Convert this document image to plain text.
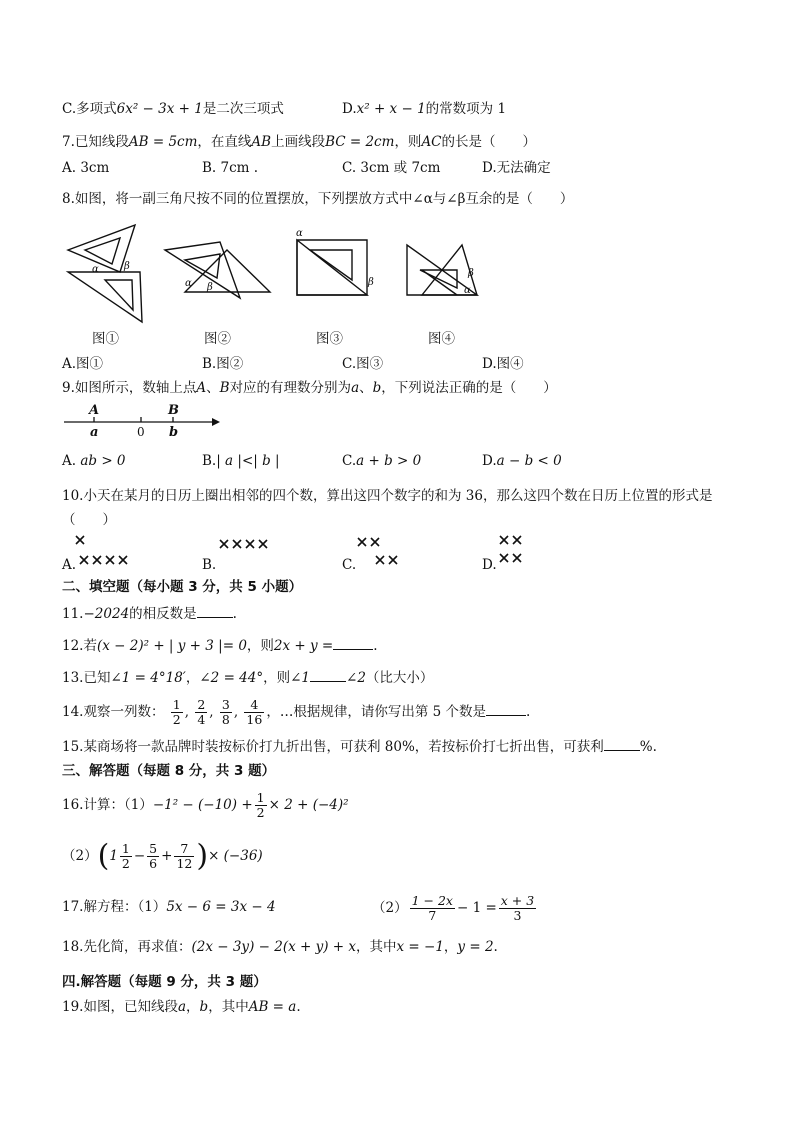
C.多项式6x² − 3x + 1是二次三项式	D.x² + x − 1的常数项为 1
7.已知线段AB = 5cm，在直线AB上画线段BC = 2cm，则AC的长是（　　）
A. 3cm	B. 7cm .	C. 3cm 或 7cm	D.无法确定
8.如图，将一副三角尺按不同的位置摆放，下列摆放方式中∠α与∠β互余的是（　　）
α	β
α β
α
β
β
α
图①	图②	图③	图④
A.图①	B.图②	C.图③	D.图④
9.如图所示，数轴上点A、B对应的有理数分别为a、b，下列说法正确的是（　　）
A	B
a	0 b
A. ab > 0	B.| a |<| b |	C.a + b > 0	D.a − b < 0
10.小天在某月的日历上圈出相邻的四个数，算出这四个数字的和为 36，那么这四个数在日历上位置的形式是
（　　）
A.	B.	C.	D.
二、填空题（每小题 3 分，共 5 小题）
11.−2024的相反数是	.
12.若(x − 2)² + | y + 3 |= 0，则2x + y =	.
13.已知∠1 = 4°18′，∠2 = 44°，则∠1	∠2（比大小）
14.观察一列数： $\frac{1}{2}$ , $\frac{2}{4}$ , $\frac{3}{8}$ , $\frac{4}{16}$ ，…根据规律，请你写出第 5 个数是	.
15.某商场将一款品牌时装按标价打九折出售，可获利 80%，若按标价打七折出售，可获利	%.
三、解答题（每题 8 分，共 3 题）
16.计算：$(1)-1^2 - (-10) + \frac{1}{2} \times 2 + (-4)^2$
$(2)(1 \frac{1}{2} - \frac{5}{6} + \frac{7}{12}$ )× (−36)
17.解方程：（1）5x − 6 = 3x − 4	$(2) \frac{1 - 2x}{7} - 1 = \frac{x + 3}{3}$
18.先化简，再求值：(2x − 3y) − 2(x + y) + x，其中x = −1，y = 2.
四.解答题（每题 9 分，共 3 题）
19.如图，已知线段a，b，其中AB = a.
